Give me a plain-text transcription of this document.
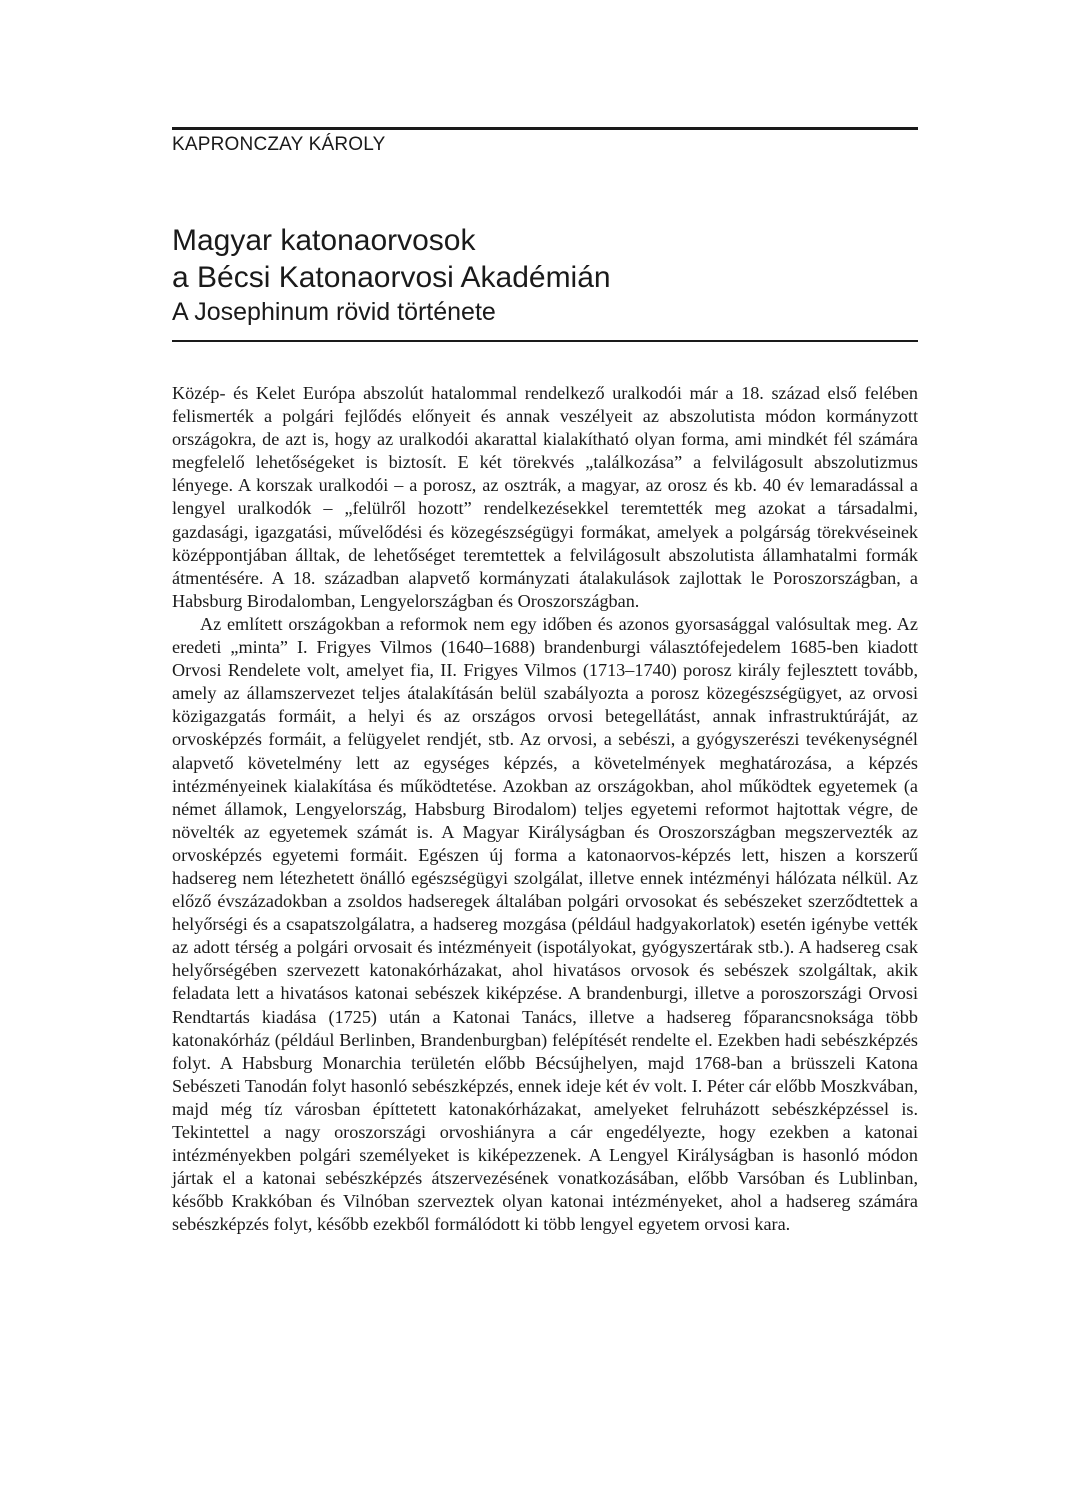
KAPRONCZAY KÁROLY
Magyar katonaorvosok
a Bécsi Katonaorvosi Akadémián
A Josephinum rövid története

Közép- és Kelet Európa abszolút hatalommal rendelkező uralkodói már a 18. század első felében felismerték a polgári fejlődés előnyeit és annak veszélyeit az abszolutista módon kormányzott országokra, de azt is, hogy az uralkodói akarattal kialakítható olyan forma, ami mindkét fél számára megfelelő lehetőségeket is biztosít. E két törekvés „találkozása” a felvilágosult abszolutizmus lényege. A korszak uralkodói – a porosz, az osztrák, a magyar, az orosz és kb. 40 év lemaradással a lengyel uralkodók – „felülről hozott” rendelkezésekkel teremtették meg azokat a társadalmi, gazdasági, igazgatási, művelődési és közegészségügyi formákat, amelyek a polgárság törekvéseinek középpontjában álltak, de lehetőséget teremtettek a felvilágosult abszolutista államhatalmi formák átmentésére. A 18. században alapvető kormányzati átalakulások zajlottak le Poroszországban, a Habsburg Birodalomban, Lengyelországban és Oroszországban.

Az említett országokban a reformok nem egy időben és azonos gyorsasággal valósultak meg. Az eredeti „minta” I. Frigyes Vilmos (1640–1688) brandenburgi választófejedelem 1685-ben kiadott Orvosi Rendelete volt, amelyet fia, II. Frigyes Vilmos (1713–1740) porosz király fejlesztett tovább, amely az államszervezet teljes átalakításán belül szabályozta a porosz közegészségügyet, az orvosi közigazgatás formáit, a helyi és az országos orvosi betegellátást, annak infrastruktúráját, az orvosképzés formáit, a felügyelet rendjét, stb. Az orvosi, a sebészi, a gyógyszerészi tevékenységnél alapvető követelmény lett az egységes képzés, a követelmények meghatározása, a képzés intézményeinek kialakítása és működtetése. Azokban az országokban, ahol működtek egyetemek (a német államok, Lengyelország, Habsburg Birodalom) teljes egyetemi reformot hajtottak végre, de növelték az egyetemek számát is. A Magyar Királyságban és Oroszországban megszervezték az orvosképzés egyetemi formáit. Egészen új forma a katonaorvos-képzés lett, hiszen a korszerű hadsereg nem létezhetett önálló egészségügyi szolgálat, illetve ennek intézményi hálózata nélkül. Az előző évszázadokban a zsoldos hadseregek általában polgári orvosokat és sebészeket szerződtettek a helyőrségi és a csapatszolgálatra, a hadsereg mozgása (például hadgyakorlatok) esetén igénybe vették az adott térség a polgári orvosait és intézményeit (ispotályokat, gyógyszertárak stb.). A hadsereg csak helyőrségében szervezett katonakórházakat, ahol hivatásos orvosok és sebészek szolgáltak, akik feladata lett a hivatásos katonai sebészek kiképzése. A brandenburgi, illetve a poroszországi Orvosi Rendtartás kiadása (1725) után a Katonai Tanács, illetve a hadsereg főparancsnoksága több katonakórház (például Berlinben, Brandenburgban) felépítését rendelte el. Ezekben hadi sebészképzés folyt. A Habsburg Monarchia területén előbb Bécsújhelyen, majd 1768-ban a brüsszeli Katona Sebészeti Tanodán folyt hasonló sebészképzés, ennek ideje két év volt. I. Péter cár előbb Moszkvában, majd még tíz városban építtetett katonakórházakat, amelyeket felruházott sebészképzéssel is. Tekintettel a nagy oroszországi orvoshiányra a cár engedélyezte, hogy ezekben a katonai intézményekben polgári személyeket is kiképezzenek. A Lengyel Királyságban is hasonló módon jártak el a katonai sebészképzés átszervezésének vonatkozásában, előbb Varsóban és Lublinban, később Krakkóban és Vilnóban szerveztek olyan katonai intézményeket, ahol a hadsereg számára sebészképzés folyt, később ezekből formálódott ki több lengyel egyetem orvosi kara.
